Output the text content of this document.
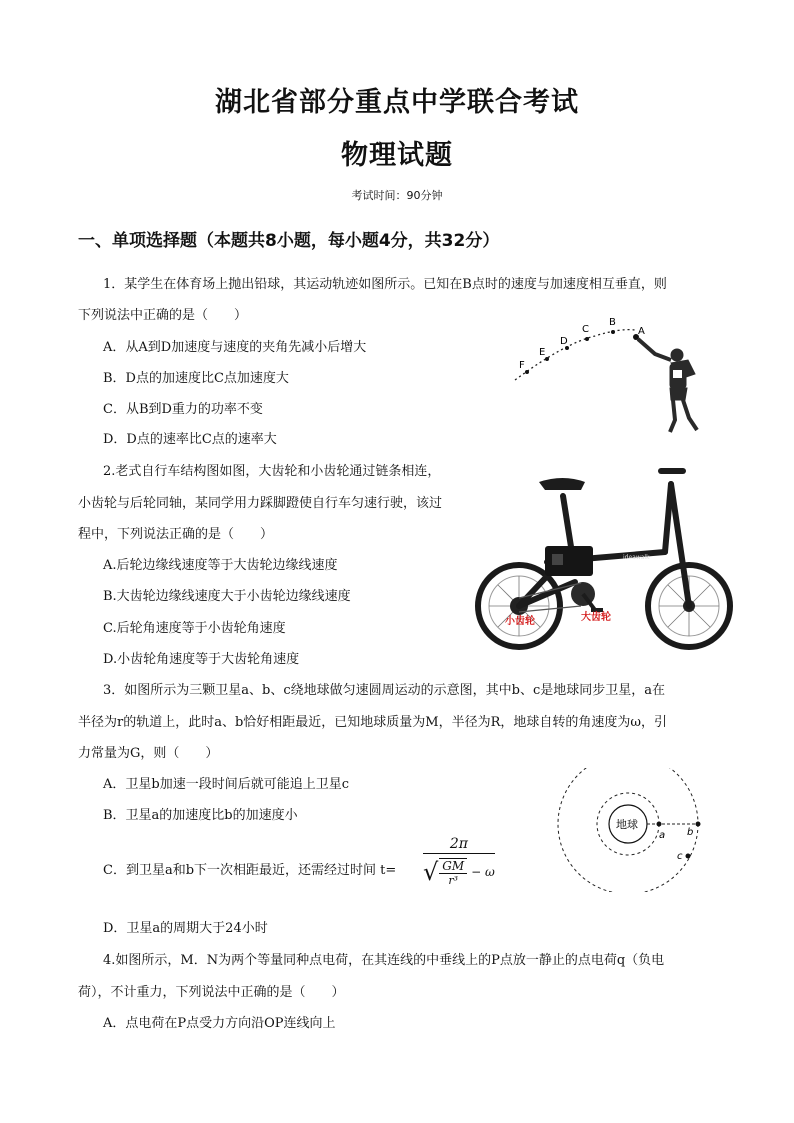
湖北省部分重点中学联合考试
物理试题
考试时间：90分钟
一、单项选择题（本题共8小题，每小题4分，共32分）
1．某学生在体育场上抛出铅球，其运动轨迹如图所示。已知在B点时的速度与加速度相互垂直，则
下列说法中正确的是（　　）
A．从A到D加速度与速度的夹角先减小后增大
B．D点的加速度比C点加速度大
C．从B到D重力的功率不变
D．D点的速率比C点的速率大
F
E
D
C
B
A
2.老式自行车结构图如图，大齿轮和小齿轮通过链条相连，
小齿轮与后轮同轴，某同学用力踩脚蹬使自行车匀速行驶，该过
程中，下列说法正确的是（　　）
A.后轮边缘线速度等于大齿轮边缘线速度
B.大齿轮边缘线速度大于小齿轮边缘线速度
C.后轮角速度等于小齿轮角速度
D.小齿轮角速度等于大齿轮角速度
ideawalk
小齿轮	大齿轮
3．如图所示为三颗卫星a、b、c绕地球做匀速圆周运动的示意图，其中b、c是地球同步卫星，a在
半径为r的轨道上，此时a、b恰好相距最近，已知地球质量为M，半径为R，地球自转的角速度为ω，引
力常量为G，则（　　）
A．卫星b加速一段时间后就可能追上卫星c
B．卫星a的加速度比b的加速度小
C．到卫星a和b下一次相距最近，还需经过时间 t=
2π
√ GM
r³
− ω
D．卫星a的周期大于24小时
地球
a b
c
4.如图所示，M．N为两个等量同种点电荷，在其连线的中垂线上的P点放一静止的点电荷q（负电
荷），不计重力，下列说法中正确的是（　　）
A．点电荷在P点受力方向沿OP连线向上
